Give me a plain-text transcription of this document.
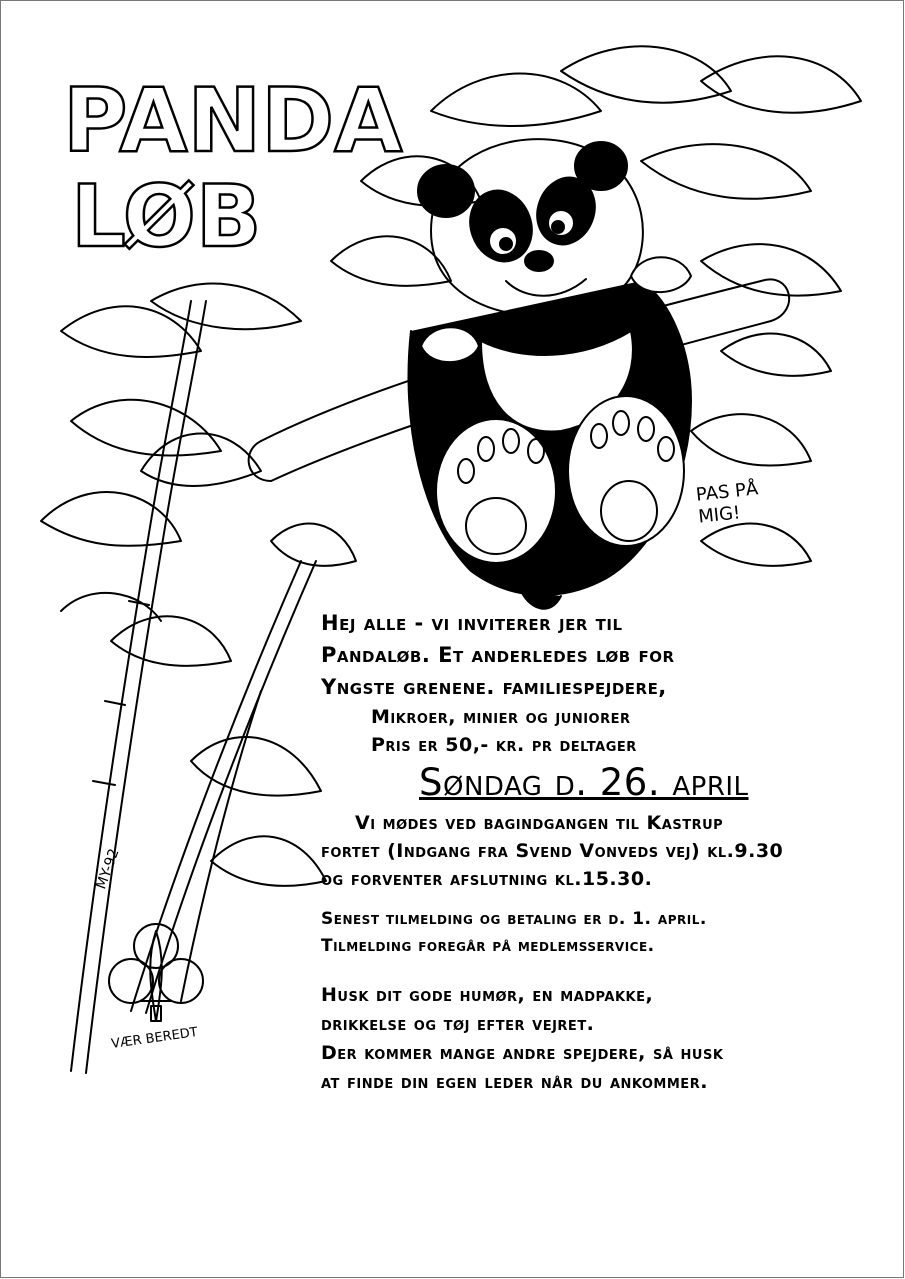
PANDA
LØB
PAS PÅ MIG!
MY-92
VÆR BEREDT
Hej alle - vi inviterer jer til
Pandaløb. Et anderledes løb for
Yngste grenene. familiespejdere,
Mikroer, minier og juniorer
Pris er 50,- kr. pr deltager
Søndag d. 26. april
Vi mødes ved bagindgangen til Kastrup
fortet (Indgang fra Svend Vonveds vej) kl.9.30
og forventer afslutning kl.15.30.
Senest tilmelding og betaling er d. 1. april.
Tilmelding foregår på medlemsservice.
Husk dit gode humør, en madpakke,
drikkelse og tøj efter vejret.
Der kommer mange andre spejdere, så husk
at finde din egen leder når du ankommer.
